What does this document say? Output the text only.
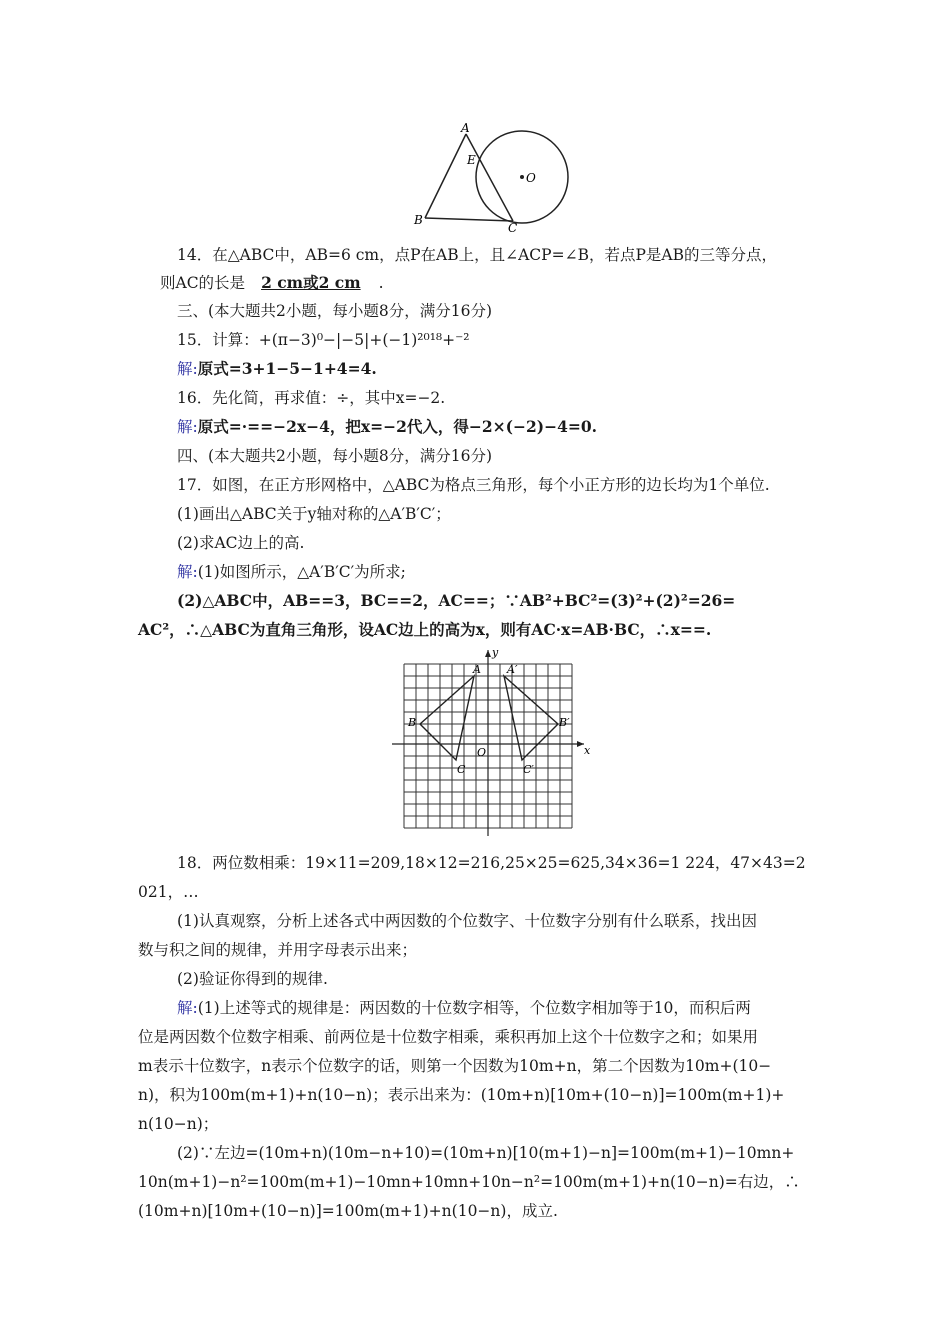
A
E
O
B
C
14．在△ABC中，AB=6 cm，点P在AB上，且∠ACP=∠B，若点P是AB的三等分点，
则AC的长是 2 cm或2 cm .
三、(本大题共2小题，每小题8分，满分16分)
15．计算：+(π−3)⁰−|−5|+(−1)²⁰¹⁸+⁻²
解:原式=3+1−5−1+4=4.
16．先化简，再求值：÷，其中x=−2.
解:原式=·==−2x−4，把x=−2代入，得−2×(−2)−4=0.
四、(本大题共2小题，每小题8分，满分16分)
17．如图，在正方形网格中，△ABC为格点三角形，每个小正方形的边长均为1个单位.
(1)画出△ABC关于y轴对称的△A′B′C′；
(2)求AC边上的高.
解:(1)如图所示，△A′B′C′为所求;
(2)△ABC中，AB==3，BC==2，AC==；∵AB²+BC²=(3)²+(2)²=26=
AC²，∴△ABC为直角三角形，设AC边上的高为x，则有AC·x=AB·BC，∴x==.
A
B
C
A′
B′
C′
O	x
y
18．两位数相乘：19×11=209,18×12=216,25×25=625,34×36=1 224，47×43=2
021，…
(1)认真观察，分析上述各式中两因数的个位数字、十位数字分别有什么联系，找出因
数与积之间的规律，并用字母表示出来；
(2)验证你得到的规律.
解:(1)上述等式的规律是：两因数的十位数字相等，个位数字相加等于10，而积后两
位是两因数个位数字相乘、前两位是十位数字相乘，乘积再加上这个十位数字之和；如果用
m表示十位数字，n表示个位数字的话，则第一个因数为10m+n，第二个因数为10m+(10−
n)，积为100m(m+1)+n(10−n)；表示出来为：(10m+n)[10m+(10−n)]=100m(m+1)+
n(10−n)；
(2)∵左边=(10m+n)(10m−n+10)=(10m+n)[10(m+1)−n]=100m(m+1)−10mn+
10n(m+1)−n²=100m(m+1)−10mn+10mn+10n−n²=100m(m+1)+n(10−n)=右边，∴
(10m+n)[10m+(10−n)]=100m(m+1)+n(10−n)，成立.
